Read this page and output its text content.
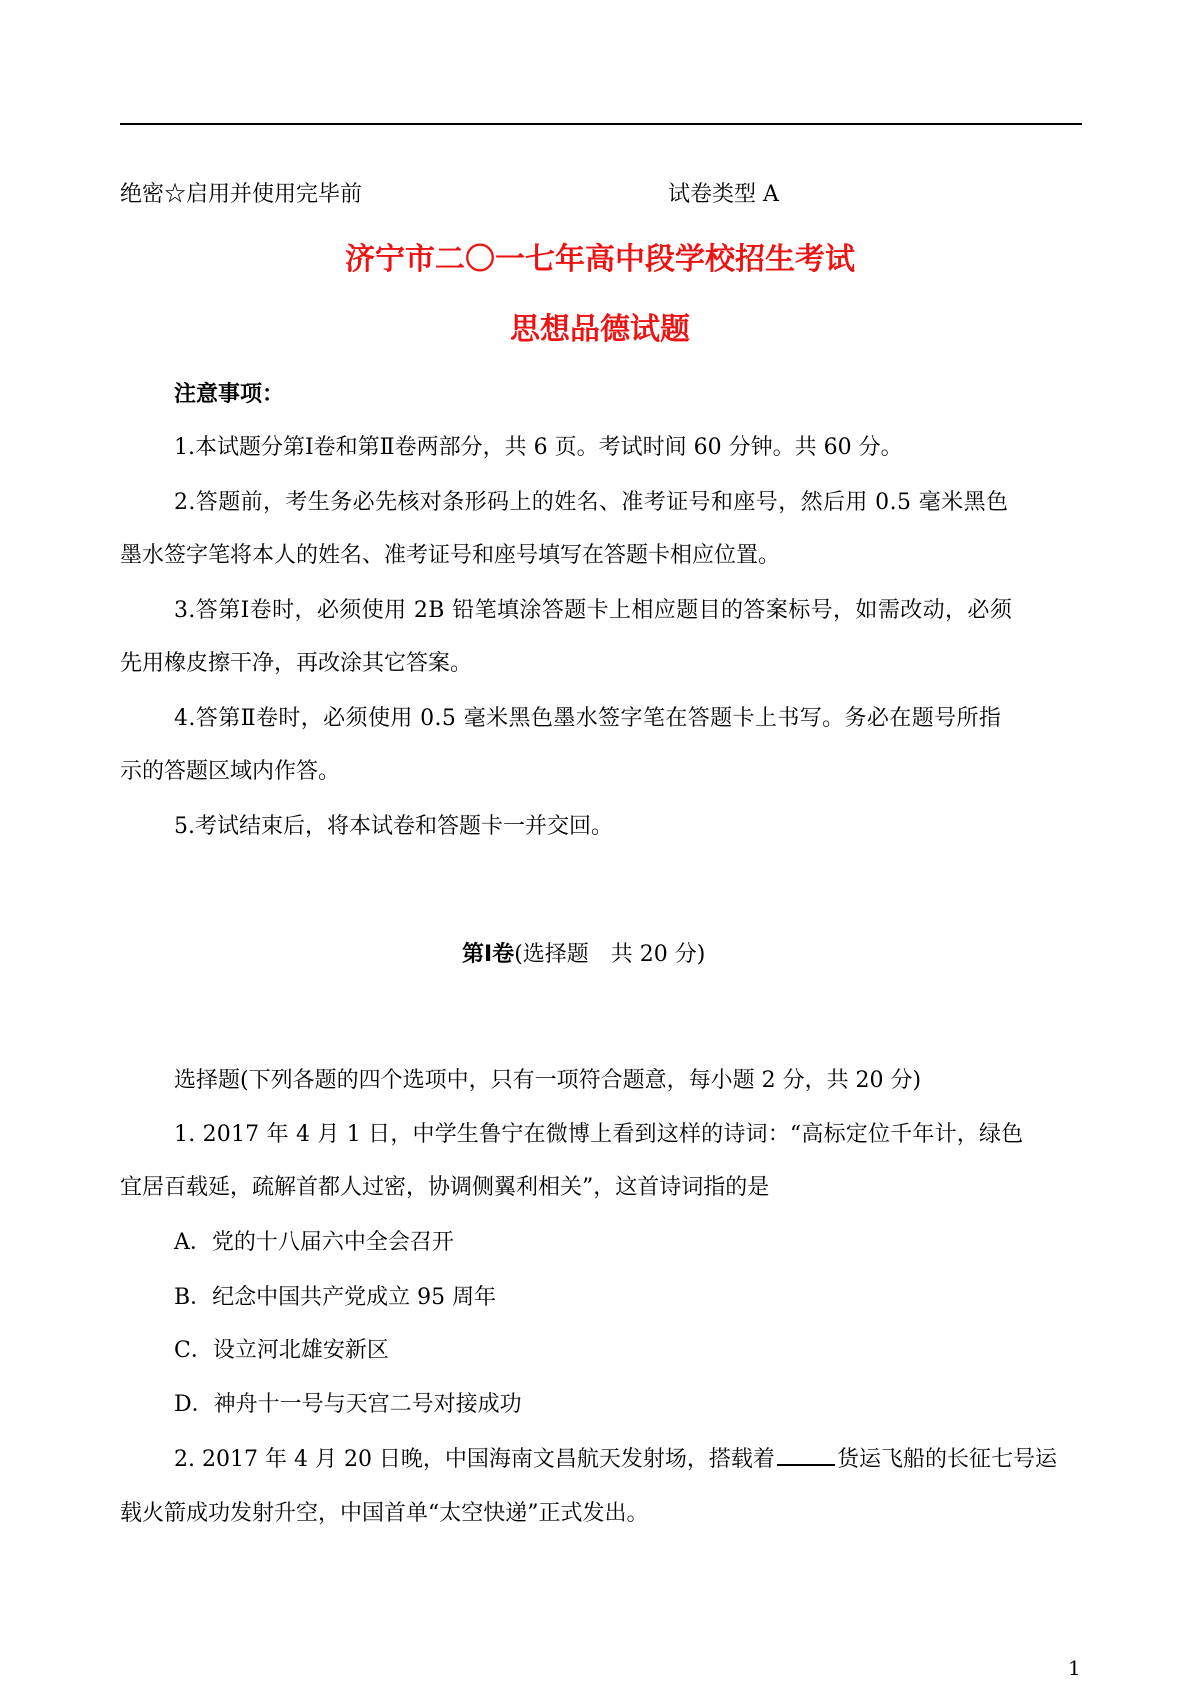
绝密☆启用并使用完毕前	试卷类型 A
济宁市二〇一七年高中段学校招生考试
思想品德试题
注意事项：
1.本试题分第Ⅰ卷和第Ⅱ卷两部分，共 6 页。考试时间 60 分钟。共 60 分。
2.答题前，考生务必先核对条形码上的姓名、准考证号和座号，然后用 0.5 毫米黑色
墨水签字笔将本人的姓名、准考证号和座号填写在答题卡相应位置。
3.答第Ⅰ卷时，必须使用 2B 铅笔填涂答题卡上相应题目的答案标号，如需改动，必须
先用橡皮擦干净，再改涂其它答案。
4.答第Ⅱ卷时，必须使用 0.5 毫米黑色墨水签字笔在答题卡上书写。务必在题号所指
示的答题区域内作答。
5.考试结束后，将本试卷和答题卡一并交回。
第Ⅰ卷(选择题　共 20 分)
选择题(下列各题的四个选项中，只有一项符合题意，每小题 2 分，共 20 分)
1. 2017 年 4 月 1 日，中学生鲁宁在微博上看到这样的诗词：“高标定位千年计，绿色
宜居百载延，疏解首都人过密，协调侧翼利相关”，这首诗词指的是
A．党的十八届六中全会召开
B．纪念中国共产党成立 95 周年
C．设立河北雄安新区
D．神舟十一号与天宫二号对接成功
2. 2017 年 4 月 20 日晚，中国海南文昌航天发射场，搭载着	货运飞船的长征七号运
载火箭成功发射升空，中国首单“太空快递”正式发出。
1
